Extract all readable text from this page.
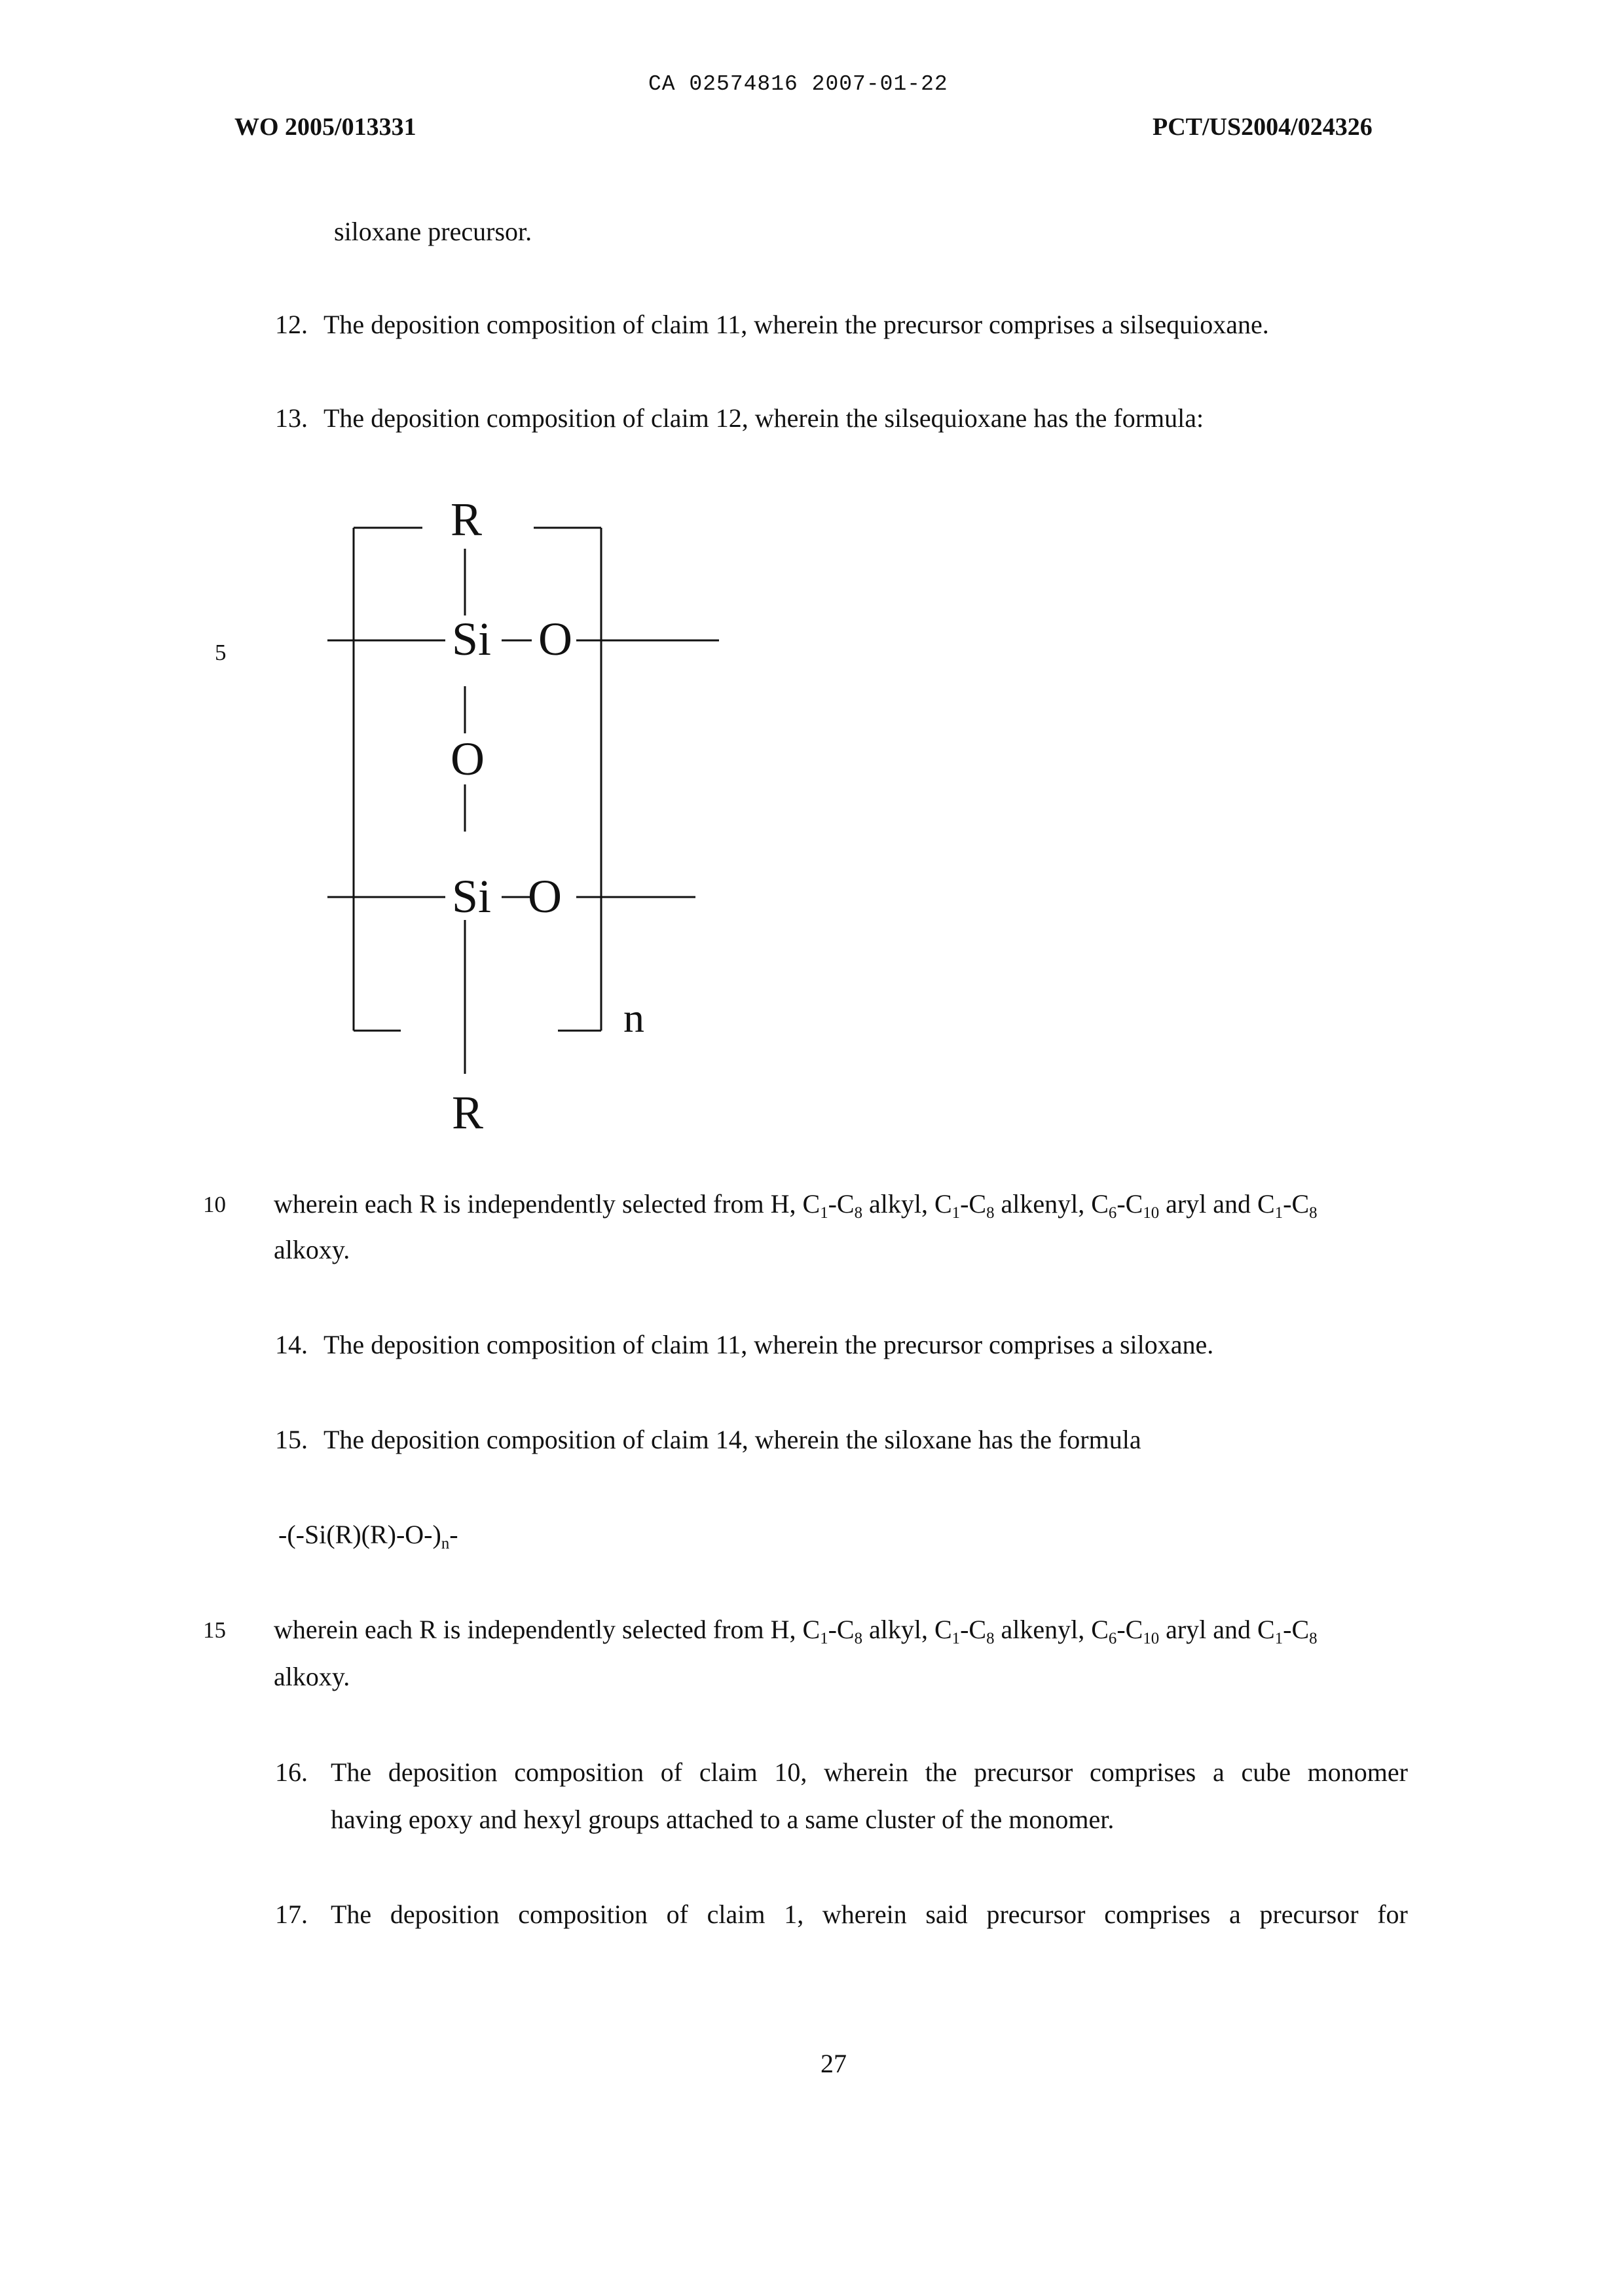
CA 02574816 2007-01-22
WO 2005/013331	PCT/US2004/024326
siloxane precursor.
12. The deposition composition of claim 11, wherein the precursor comprises a silsequioxane.
13. The deposition composition of claim 12, wherein the silsequioxane has the formula:
R
Si O
O
Si O
n
R
5
10
15
wherein each R is independently selected from H, $C_1-C_8$ alkyl, $C_1-C_8$ alkenyl, $C_6-C_{10}$ aryl and $C_1-C_8$
alkoxy.
14. The deposition composition of claim 11, wherein the precursor comprises a siloxane.
15. The deposition composition of claim 14, wherein the siloxane has the formula
$-(-Si(R)(R)-O-)_n-$
wherein each R is independently selected from H, $C_1-C_8$ alkyl, $C_1-C_8$ alkenyl, $C_6-C_{10}$ aryl and $C_1-C_8$
alkoxy.
16. The deposition composition of claim 10, wherein the precursor comprises a cube monomer
having epoxy and hexyl groups attached to a same cluster of the monomer.
17. The deposition composition of claim 1, wherein said precursor comprises a precursor for
27
